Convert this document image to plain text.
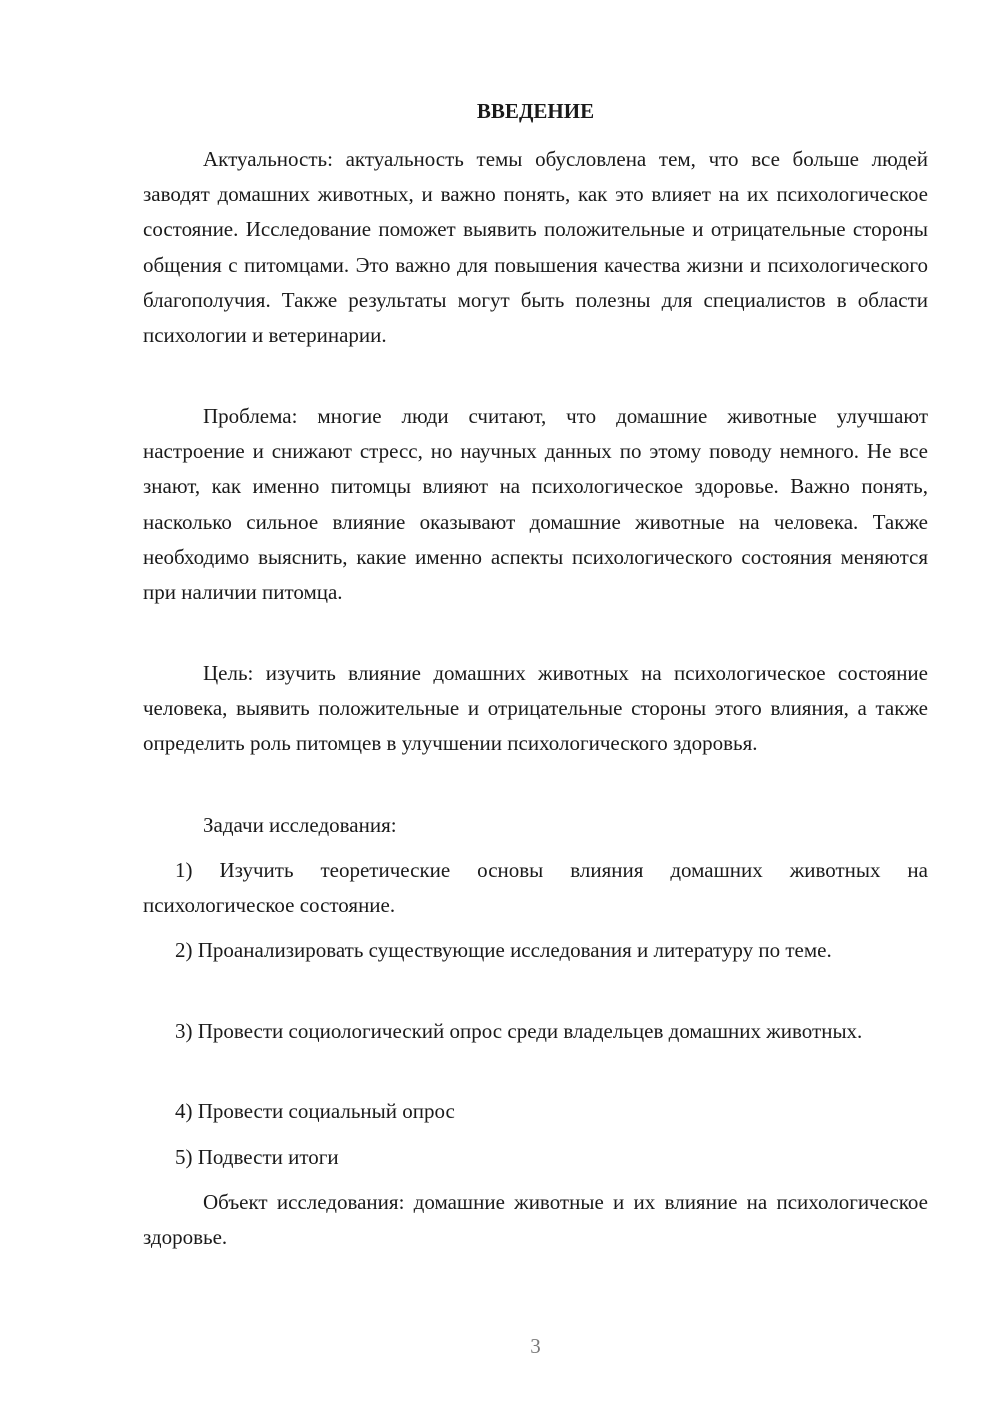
ВВЕДЕНИЕ

Актуальность: актуальность темы обусловлена тем, что все больше людей заводят домашних животных, и важно понять, как это влияет на их психологическое состояние. Исследование поможет выявить положительные и отрицательные стороны общения с питомцами. Это важно для повышения качества жизни и психологического благополучия. Также результаты могут быть полезны для специалистов в области психологии и ветеринарии.

Проблема: многие люди считают, что домашние животные улучшают настроение и снижают стресс, но научных данных по этому поводу немного. Не все знают, как именно питомцы влияют на психологическое здоровье. Важно понять, насколько сильное влияние оказывают домашние животные на человека. Также необходимо выяснить, какие именно аспекты психологического состояния меняются при наличии питомца.

Цель: изучить влияние домашних животных на психологическое состояние человека, выявить положительные и отрицательные стороны этого влияния, а также определить роль питомцев в улучшении психологического здоровья.

Задачи исследования:

1) Изучить теоретические основы влияния домашних животных на психологическое состояние.

2) Проанализировать существующие исследования и литературу по теме.

3) Провести социологический опрос среди владельцев домашних животных.

4) Провести социальный опрос

5) Подвести итоги

Объект исследования: домашние животные и их влияние на психологическое здоровье.

3
